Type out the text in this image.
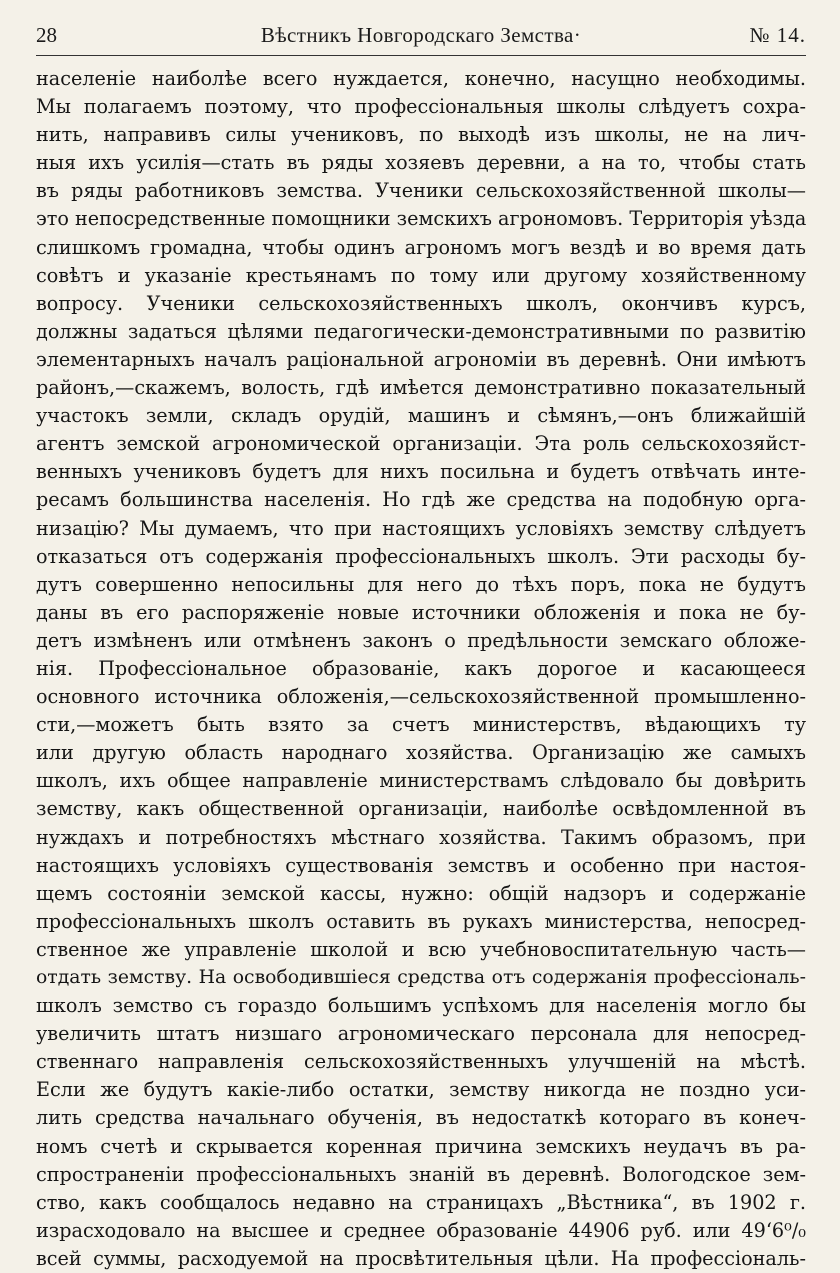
28	Вѣстникъ Новгородскаго Земства·	№ 14.
населеніе наиболѣе всего нуждается, конечно, насущно необходимы.
Мы полагаемъ поэтому, что профессіональныя школы слѣдуетъ сохра-
нить, направивъ силы учениковъ, по выходѣ изъ школы, не на лич-
ныя ихъ усилія—стать въ ряды хозяевъ деревни, а на то, чтобы стать
въ ряды работниковъ земства. Ученики сельскохозяйственной школы—
это непосредственные помощники земскихъ агрономовъ. Территорія уѣзда
слишкомъ громадна, чтобы одинъ агрономъ могъ вездѣ и во время дать
совѣтъ и указаніе крестьянамъ по тому или другому хозяйственному
вопросу. Ученики сельскохозяйственныхъ школъ, окончивъ курсъ,
должны задаться цѣлями педагогически-демонстративными по развитію
элементарныхъ началъ раціональной агрономіи въ деревнѣ. Они имѣютъ
районъ,—скажемъ, волость, гдѣ имѣется демонстративно показательный
участокъ земли, складъ орудій, машинъ и сѣмянъ,—онъ ближайшій
агентъ земской агрономической организаціи. Эта роль сельскохозяйст-
венныхъ учениковъ будетъ для нихъ посильна и будетъ отвѣчать инте-
ресамъ большинства населенія. Но гдѣ же средства на подобную орга-
низацію? Мы думаемъ, что при настоящихъ условіяхъ земству слѣдуетъ
отказаться отъ содержанія профессіональныхъ школъ. Эти расходы бу-
дутъ совершенно непосильны для него до тѣхъ поръ, пока не будутъ
даны въ его распоряженіе новые источники обложенія и пока не бу-
детъ измѣненъ или отмѣненъ законъ о предѣльности земскаго обложе-
нія. Профессіональное образованіе, какъ дорогое и касающееся
основного источника обложенія,—сельскохозяйственной промышленно-
сти,—можетъ быть взято за счетъ министерствъ, вѣдающихъ ту
или другую область народнаго хозяйства. Организацію же самыхъ
школъ, ихъ общее направленіе министерствамъ слѣдовало бы довѣрить
земству, какъ общественной организаціи, наиболѣе освѣдомленной въ
нуждахъ и потребностяхъ мѣстнаго хозяйства. Такимъ образомъ, при
настоящихъ условіяхъ существованія земствъ и особенно при настоя-
щемъ состояніи земской кассы, нужно: общій надзоръ и содержаніе
профессіональныхъ школъ оставить въ рукахъ министерства, непосред-
ственное же управленіе школой и всю учебновоспитательную часть—
отдать земству. На освободившіеся средства отъ содержанія профессіональ-
школъ земство съ гораздо большимъ успѣхомъ для населенія могло бы
увеличить штатъ низшаго агрономическаго персонала для непосред-
ственнаго направленія сельскохозяйственныхъ улучшеній на мѣстѣ.
Если же будутъ какіе-либо остатки, земству никогда не поздно уси-
лить средства начальнаго обученія, въ недостаткѣ котораго въ конеч-
номъ счетѣ и скрывается коренная причина земскихъ неудачъ въ ра-
спространеніи профессіональныхъ знаній въ деревнѣ. Вологодское зем-
ство, какъ сообщалось недавно на страницахъ „Вѣстника“, въ 1902 г.
израсходовало на высшее и среднее образованіе 44906 руб. или 49‘6⁰/₀
всей суммы, расходуемой на просвѣтительныя цѣли. На профессіональ-
